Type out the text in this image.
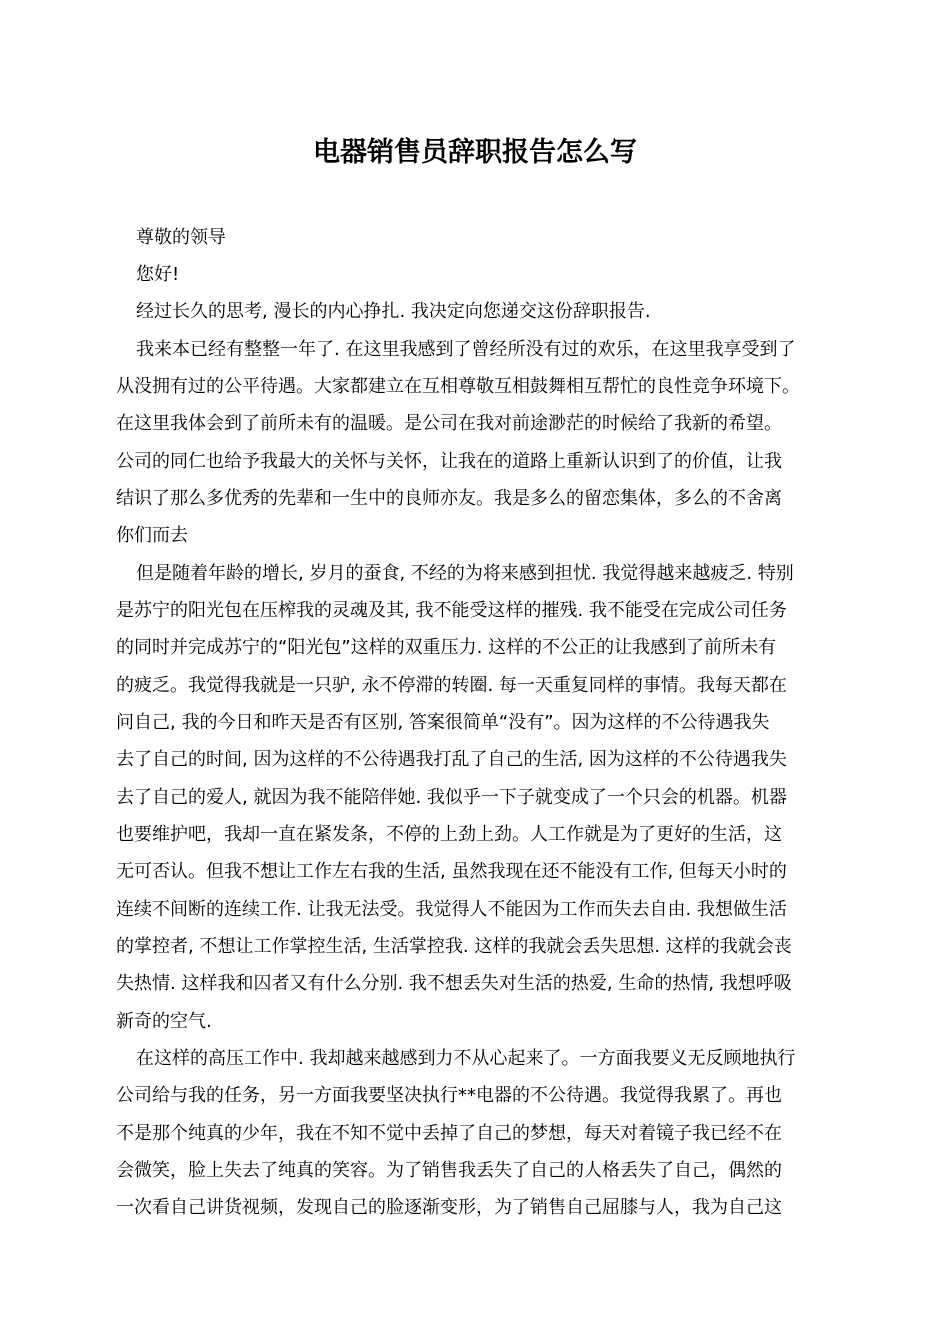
电器销售员辞职报告怎么写

尊敬的领导

您好!

经过长久的思考, 漫长的内心挣扎. 我决定向您递交这份辞职报告.

我来本已经有整整一年了. 在这里我感到了曾经所没有过的欢乐，在这里我享受到了

从没拥有过的公平待遇。大家都建立在互相尊敬互相鼓舞相互帮忙的良性竞争环境下。

在这里我体会到了前所未有的温暖。是公司在我对前途渺茫的时候给了我新的希望。

公司的同仁也给予我最大的关怀与关怀，让我在的道路上重新认识到了的价值，让我

结识了那么多优秀的先辈和一生中的良师亦友。我是多么的留恋集体，多么的不舍离

你们而去

但是随着年龄的增长, 岁月的蚕食, 不经的为将来感到担忧. 我觉得越来越疲乏. 特别

是苏宁的阳光包在压榨我的灵魂及其, 我不能受这样的摧残. 我不能受在完成公司任务

的同时并完成苏宁的“阳光包”这样的双重压力. 这样的不公正的让我感到了前所未有

的疲乏。我觉得我就是一只驴, 永不停滞的转圈. 每一天重复同样的事情。我每天都在

问自己, 我的今日和昨天是否有区别, 答案很简单“没有”。因为这样的不公待遇我失

去了自己的时间, 因为这样的不公待遇我打乱了自己的生活, 因为这样的不公待遇我失

去了自己的爱人, 就因为我不能陪伴她. 我似乎一下子就变成了一个只会的机器。机器

也要维护吧，我却一直在紧发条，不停的上劲上劲。人工作就是为了更好的生活，这

无可否认。但我不想让工作左右我的生活, 虽然我现在还不能没有工作, 但每天小时的

连续不间断的连续工作. 让我无法受。我觉得人不能因为工作而失去自由. 我想做生活

的掌控者, 不想让工作掌控生活, 生活掌控我. 这样的我就会丢失思想. 这样的我就会丧

失热情. 这样我和囚者又有什么分别. 我不想丢失对生活的热爱, 生命的热情, 我想呼吸

新奇的空气.

在这样的高压工作中. 我却越来越感到力不从心起来了。一方面我要义无反顾地执行

公司给与我的任务，另一方面我要坚决执行**电器的不公待遇。我觉得我累了。再也

不是那个纯真的少年，我在不知不觉中丢掉了自己的梦想，每天对着镜子我已经不在

会微笑，脸上失去了纯真的笑容。为了销售我丢失了自己的人格丢失了自己，偶然的

一次看自己讲货视频，发现自己的脸逐渐变形，为了销售自己屈膝与人，我为自己这
